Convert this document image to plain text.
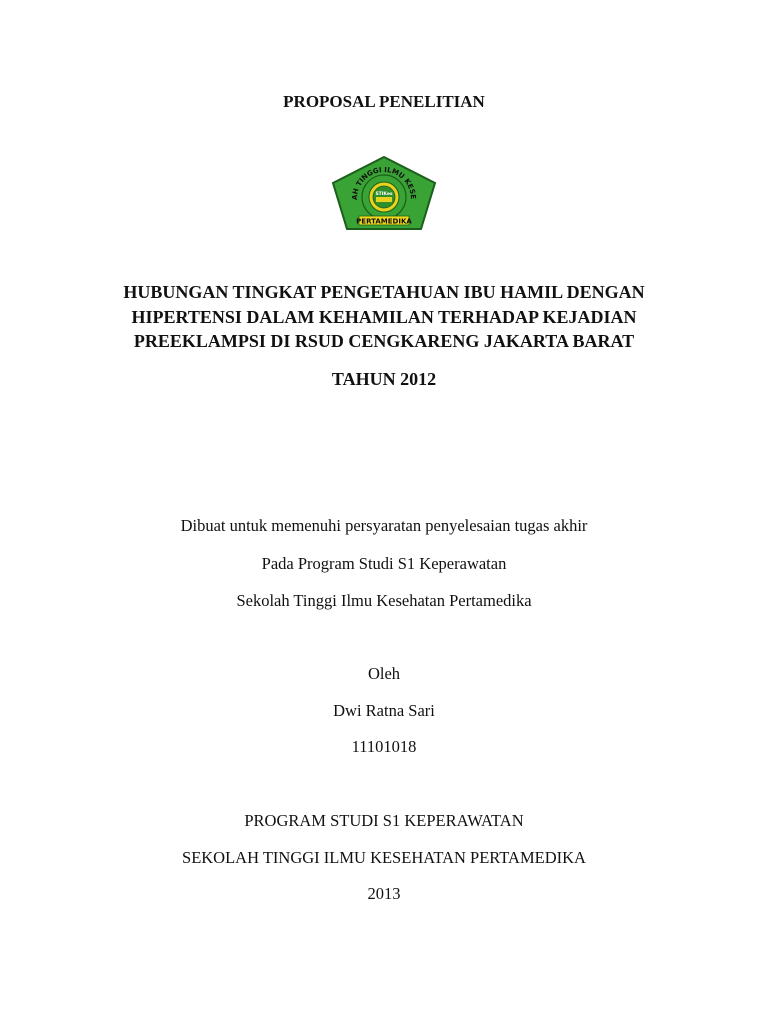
PROPOSAL PENELITIAN
AH TINGGI ILMU KESE
STIKes
PERTAMEDIKA
HUBUNGAN TINGKAT PENGETAHUAN IBU HAMIL DENGAN
HIPERTENSI DALAM KEHAMILAN TERHADAP KEJADIAN
PREEKLAMPSI DI RSUD CENGKARENG JAKARTA BARAT
TAHUN 2012
Dibuat untuk memenuhi persyaratan penyelesaian tugas akhir
Pada Program Studi S1 Keperawatan
Sekolah Tinggi Ilmu Kesehatan Pertamedika
Oleh
Dwi Ratna Sari
11101018
PROGRAM STUDI S1 KEPERAWATAN
SEKOLAH TINGGI ILMU KESEHATAN PERTAMEDIKA
2013
